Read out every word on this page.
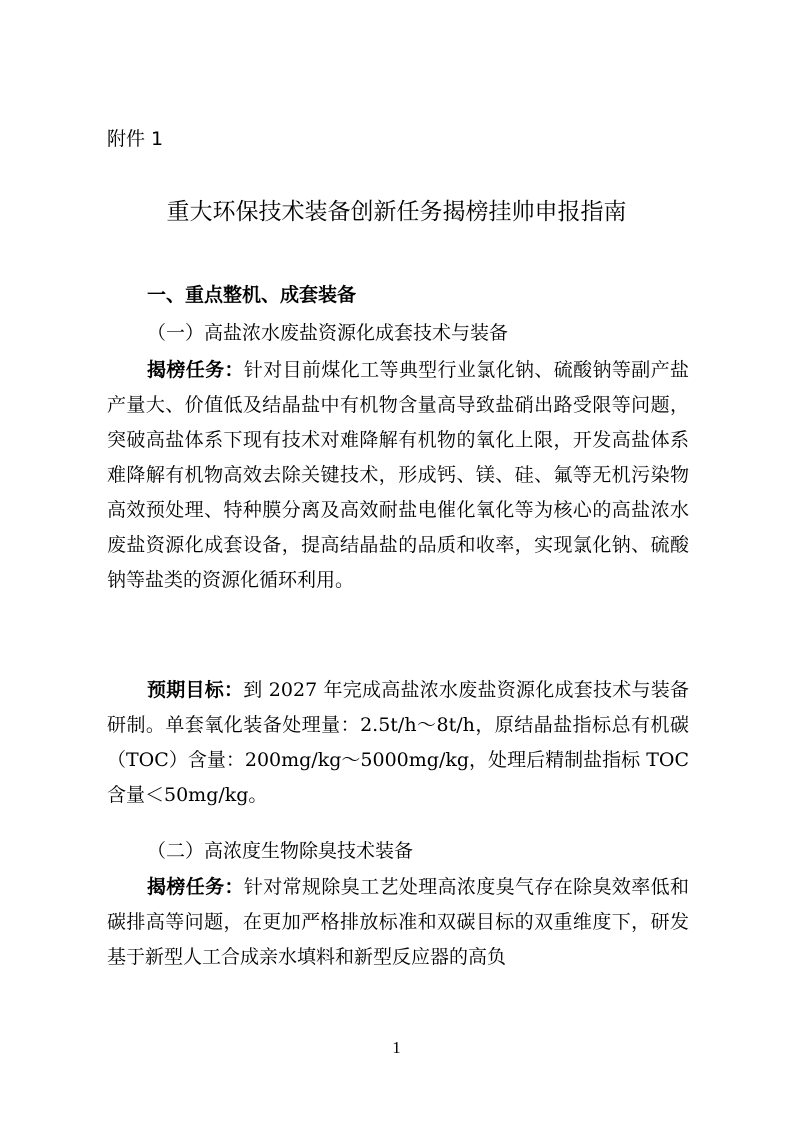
附件 1
重大环保技术装备创新任务揭榜挂帅申报指南
一、重点整机、成套装备
（一）高盐浓水废盐资源化成套技术与装备

揭榜任务：针对目前煤化工等典型行业氯化钠、硫酸钠等副产盐产量大、价值低及结晶盐中有机物含量高导致盐硝出路受限等问题，突破高盐体系下现有技术对难降解有机物的氧化上限，开发高盐体系难降解有机物高效去除关键技术，形成钙、镁、硅、氟等无机污染物高效预处理、特种膜分离及高效耐盐电催化氧化等为核心的高盐浓水废盐资源化成套设备，提高结晶盐的品质和收率，实现氯化钠、硫酸钠等盐类的资源化循环利用。

预期目标：到 2027 年完成高盐浓水废盐资源化成套技术与装备研制。单套氧化装备处理量：2.5t/h～8t/h，原结晶盐指标总有机碳（TOC）含量：200mg/kg～5000mg/kg，处理后精制盐指标 TOC 含量＜50mg/kg。

（二）高浓度生物除臭技术装备

揭榜任务：针对常规除臭工艺处理高浓度臭气存在除臭效率低和碳排高等问题，在更加严格排放标准和双碳目标的双重维度下，研发基于新型人工合成亲水填料和新型反应器的高负

1
